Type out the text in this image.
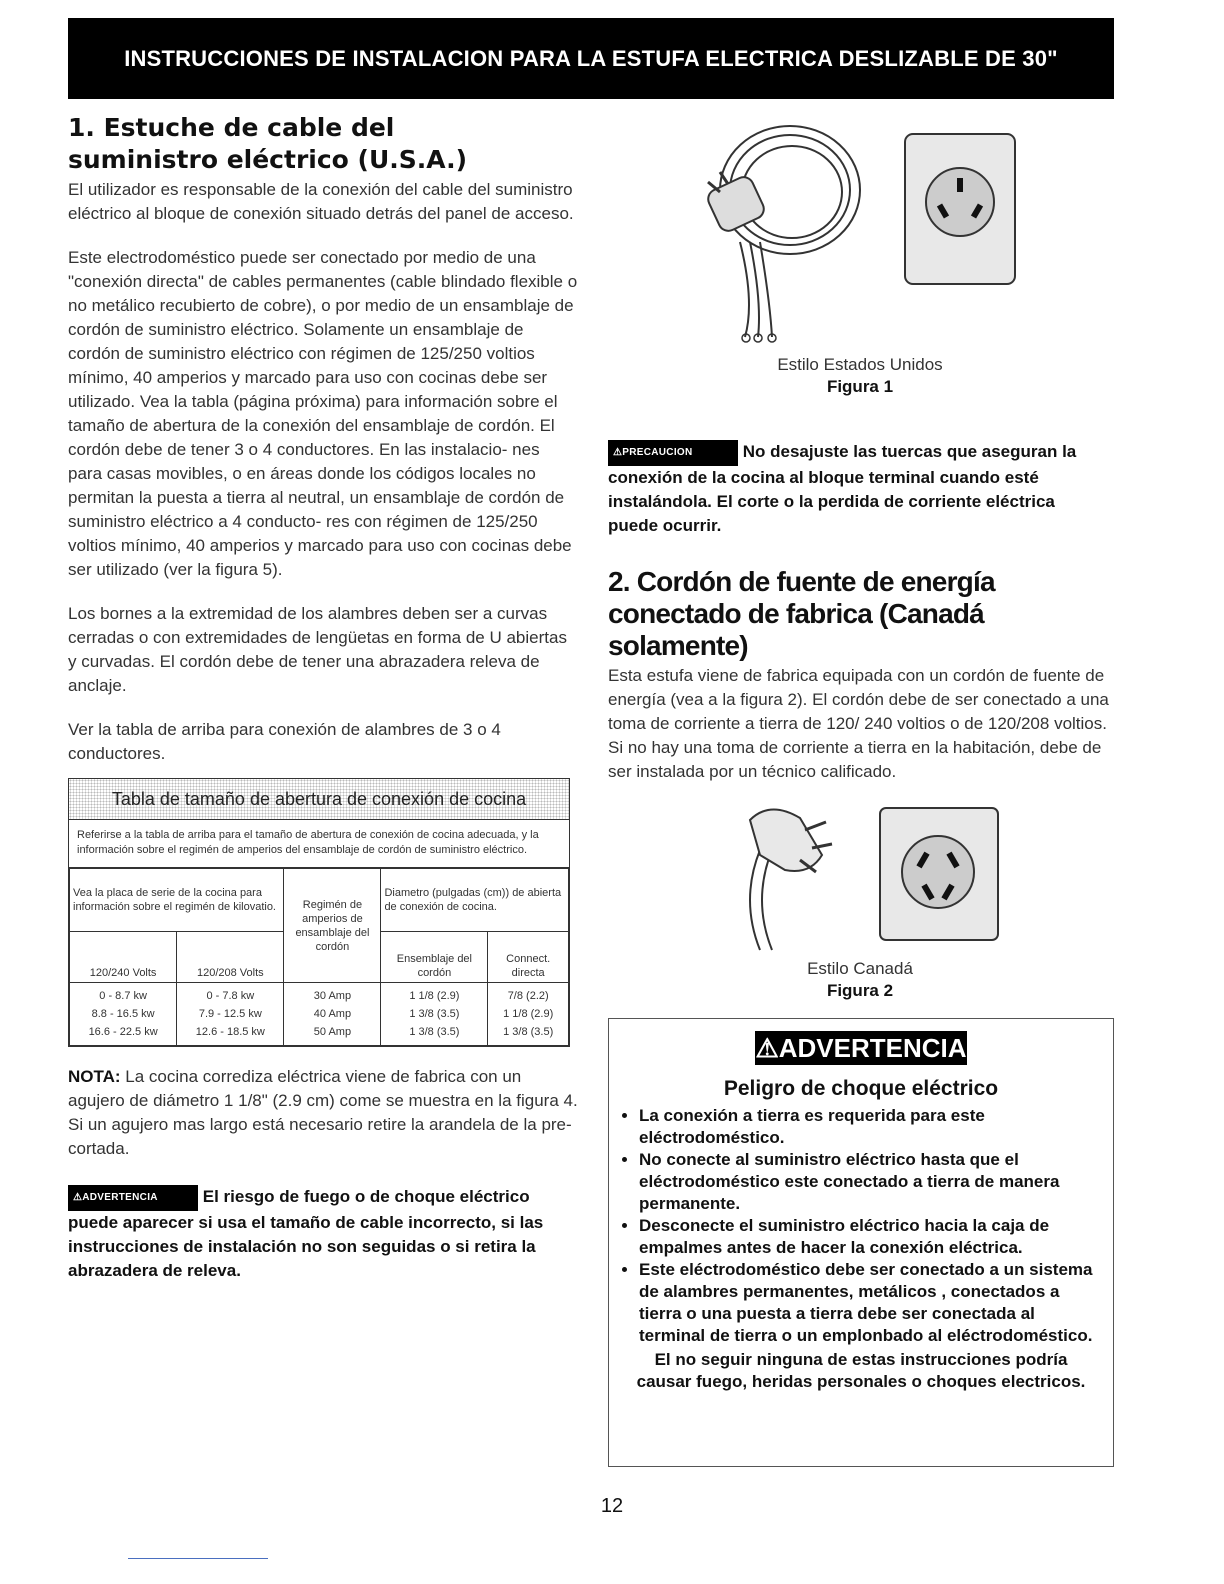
INSTRUCCIONES DE INSTALACION PARA LA ESTUFA ELECTRICA DESLIZABLE DE 30"
1. Estuche de cable del suministro eléctrico (U.S.A.)

El utilizador es responsable de la conexión del cable del suministro eléctrico al bloque de conexión situado detrás del panel de acceso.

Este electrodoméstico puede ser conectado por medio de una "conexión directa" de cables permanentes (cable blindado flexible o no metálico recubierto de cobre), o por medio de un ensamblaje de cordón de suministro eléctrico. Solamente un ensamblaje de cordón de suministro eléctrico con régimen de 125/250 voltios mínimo, 40 amperios y marcado para uso con cocinas debe ser utilizado. Vea la tabla (página próxima) para información sobre el tamaño de abertura de la conexión del ensamblaje de cordón. El cordón debe de tener 3 o 4 conductores. En las instalacio- nes para casas movibles, o en áreas donde los códigos locales no permitan la puesta a tierra al neutral, un ensamblaje de cordón de suministro eléctrico a 4 conducto- res con régimen de 125/250 voltios mínimo, 40 amperios y marcado para uso con cocinas debe ser utilizado (ver la figura 5).

Los bornes a la extremidad de los alambres deben ser a curvas cerradas o con extremidades de lengüetas en forma de U abiertas y curvadas. El cordón debe de tener una abrazadera releva de anclaje.

Ver la tabla de arriba para conexión de alambres de 3 o 4 conductores.

Tabla de tamaño de abertura de conexión de cocina
Referirse a la tabla de arriba para el tamaño de abertura de conexión de cocina adecuada, y la información sobre el regimén de amperios del ensamblaje de cordón de suministro eléctrico.
Vea la placa de serie de la cocina para información sobre el regimén de kilovatio.		Regimén de amperios de ensamblaje del cordón	Diametro (pulgadas (cm)) de abierta de conexión de cocina.	
120/240 Volts	120/208 Volts		Ensemblaje del cordón	Connect. directa
0 - 8.7 kw	0 - 7.8 kw	30 Amp	1 1/8 (2.9)	7/8 (2.2)
8.8 - 16.5 kw	7.9 - 12.5 kw	40 Amp	1 3/8 (3.5)	1 1/8 (2.9)
16.6 - 22.5 kw	12.6 - 18.5 kw	50 Amp	1 3/8 (3.5)	1 3/8 (3.5)
NOTA: La cocina corrediza eléctrica viene de fabrica con un agujero de diámetro 1 1/8" (2.9 cm) come se muestra en la figura 4. Si un agujero mas largo está necesario retire la arandela de la pre-cortada.
⚠ADVERTENCIA	El riesgo de fuego o de choque eléctrico puede aparecer si usa el tamaño de cable incorrecto, si las instrucciones de instalación no son seguidas o si retira la abrazadera de releva.
Estilo Estados Unidos
Figura 1
⚠PRECAUCION	No desajuste las tuercas que aseguran la conexión de la cocina al bloque terminal cuando esté instalándola. El corte o la perdida de corriente eléctrica puede ocurrir.
2. Cordón de fuente de energía conectado de fabrica (Canadá solamente)

Esta estufa viene de fabrica equipada con un cordón de fuente de energía (vea a la figura 2). El cordón debe de ser conectado a una toma de corriente a tierra de 120/ 240 voltios o de 120/208 voltios. Si no hay una toma de corriente a tierra en la habitación, debe de ser instalada por un técnico calificado.

Estilo Canadá
Figura 2
⚠ ADVERTENCIA
Peligro de choque eléctrico
• La conexión a tierra es requerida para este eléctrodoméstico.
• No conecte al suministro eléctrico hasta que el eléctrodoméstico este conectado a tierra de manera permanente.
• Desconecte el suministro eléctrico hacia la caja de empalmes antes de hacer la conexión eléctrica.
• Este eléctrodoméstico debe ser conectado a un sistema de alambres permanentes, metálicos , conectados a tierra o una puesta a tierra debe ser conectada al terminal de tierra o un emplonbado al eléctrodoméstico.
El no seguir ninguna de estas instrucciones podría causar fuego, heridas personales o choques electricos.
12
